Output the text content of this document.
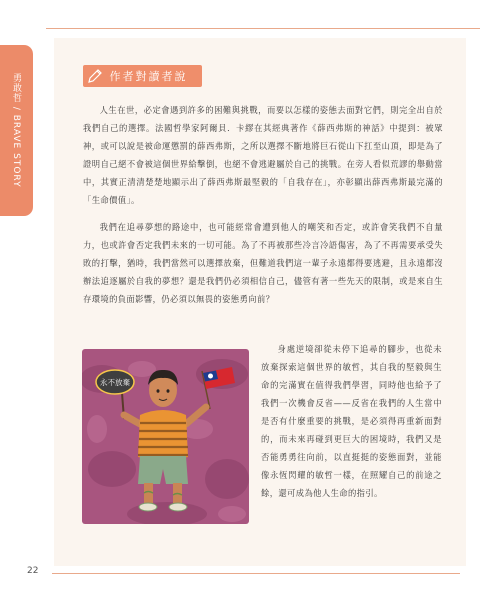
勇敢哲 / BRAVE STORY	作者對讀者說

人生在世，必定會遇到許多的困難與挑戰，而要以怎樣的姿態去面對它們，則完全出自於我們自己的選擇。法國哲學家阿爾貝．卡繆在其經典著作《薛西弗斯的神話》中提到：被眾神，或可以說是被命運懲罰的薛西弗斯，之所以選擇不斷地將巨石從山下扛至山頂，即是為了證明自己絕不會被這個世界給擊倒，也絕不會逃避屬於自己的挑戰。在旁人看似荒謬的舉動當中，其實正清清楚楚地顯示出了薛西弗斯最堅毅的「自我存在」，亦彰顯出薛西弗斯最完滿的「生命價值」。

我們在追尋夢想的路途中，也可能經常會遭到他人的嘲笑和否定，或許會笑我們不自量力，也或許會否定我們未來的一切可能。為了不再被那些冷言冷語傷害，為了不再需要承受失敗的打擊，猶時，我們當然可以選擇放棄，但難道我們這一輩子永遠都得要逃避，且永遠都沒辦法追逐屬於自我的夢想？還是我們仍必須相信自己，儘管有著一些先天的限制，或是來自生存環境的負面影響，仍必須以無畏的姿態勇向前？

永不放棄

身處逆境卻從未停下追尋的腳步，也從未放棄探索這個世界的敏哲，其自我的堅毅與生命的完滿實在值得我們學習，同時他也給予了我們一次機會反省——反省在我們的人生當中是否有什麼重要的挑戰，是必須得再重新面對的，而未來再碰到更巨大的困境時，我們又是否能勇勇往向前，以直挺挺的姿態面對，並能像永恆閃耀的敏哲一樣，在照耀自己的前途之餘，還可成為他人生命的指引。

22
